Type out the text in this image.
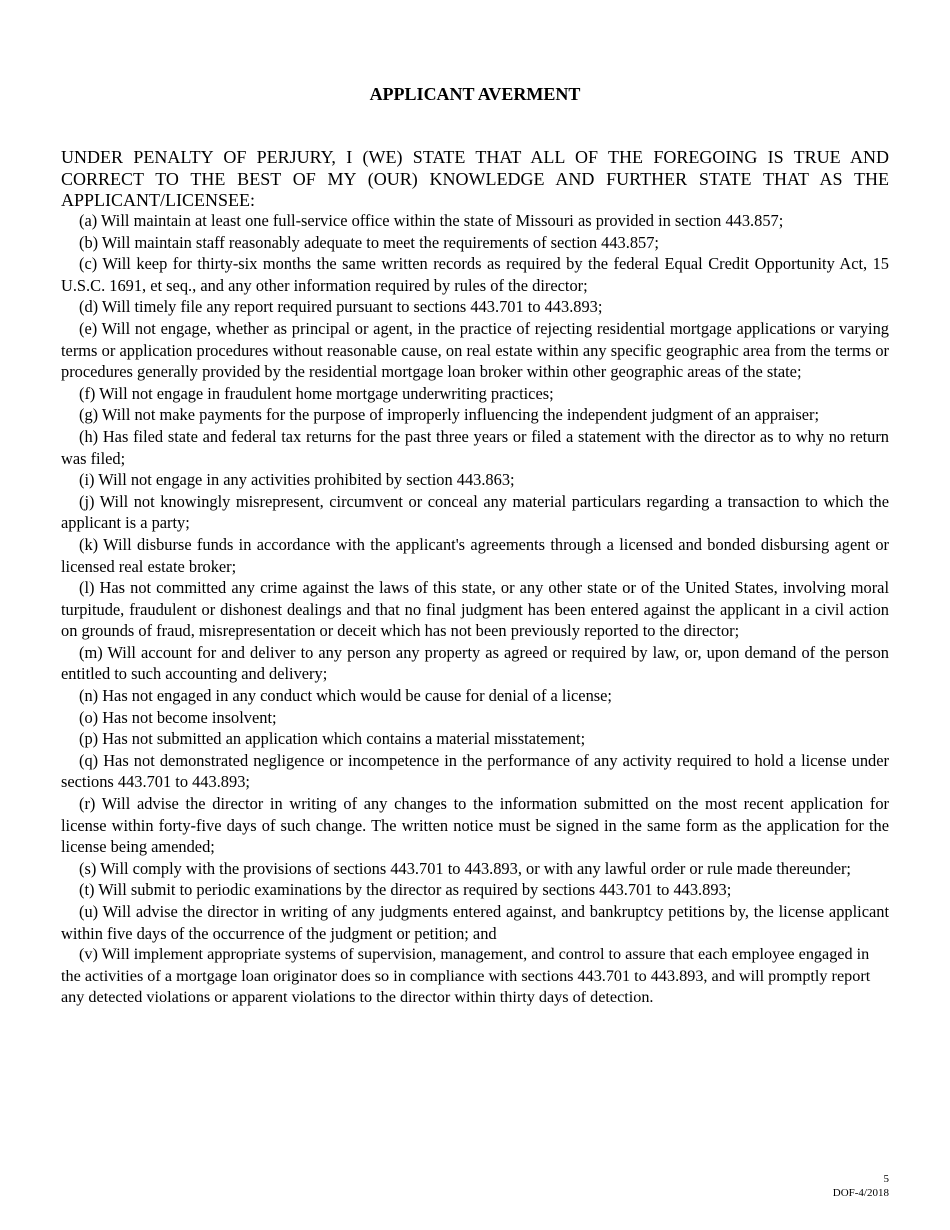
APPLICANT AVERMENT

UNDER PENALTY OF PERJURY, I (WE) STATE THAT ALL OF THE FOREGOING IS TRUE AND CORRECT TO THE BEST OF MY (OUR) KNOWLEDGE AND FURTHER STATE THAT AS THE APPLICANT/LICENSEE:

(a) Will maintain at least one full-service office within the state of Missouri as provided in section 443.857;
(b) Will maintain staff reasonably adequate to meet the requirements of section 443.857;
(c) Will keep for thirty-six months the same written records as required by the federal Equal Credit Opportunity Act, 15 U.S.C. 1691, et seq., and any other information required by rules of the director;
(d) Will timely file any report required pursuant to sections 443.701 to 443.893;
(e) Will not engage, whether as principal or agent, in the practice of rejecting residential mortgage applications or varying terms or application procedures without reasonable cause, on real estate within any specific geographic area from the terms or procedures generally provided by the residential mortgage loan broker within other geographic areas of the state;
(f) Will not engage in fraudulent home mortgage underwriting practices;
(g) Will not make payments for the purpose of improperly influencing the independent judgment of an appraiser;
(h) Has filed state and federal tax returns for the past three years or filed a statement with the director as to why no return was filed;
(i) Will not engage in any activities prohibited by section 443.863;
(j) Will not knowingly misrepresent, circumvent or conceal any material particulars regarding a transaction to which the applicant is a party;
(k) Will disburse funds in accordance with the applicant's agreements through a licensed and bonded disbursing agent or licensed real estate broker;
(l) Has not committed any crime against the laws of this state, or any other state or of the United States, involving moral turpitude, fraudulent or dishonest dealings and that no final judgment has been entered against the applicant in a civil action on grounds of fraud, misrepresentation or deceit which has not been previously reported to the director;
(m) Will account for and deliver to any person any property as agreed or required by law, or, upon demand of the person entitled to such accounting and delivery;
(n) Has not engaged in any conduct which would be cause for denial of a license;
(o) Has not become insolvent;
(p) Has not submitted an application which contains a material misstatement;
(q) Has not demonstrated negligence or incompetence in the performance of any activity required to hold a license under sections 443.701 to 443.893;
(r) Will advise the director in writing of any changes to the information submitted on the most recent application for license within forty-five days of such change. The written notice must be signed in the same form as the application for the license being amended;
(s) Will comply with the provisions of sections 443.701 to 443.893, or with any lawful order or rule made thereunder;
(t) Will submit to periodic examinations by the director as required by sections 443.701 to 443.893;
(u) Will advise the director in writing of any judgments entered against, and bankruptcy petitions by, the license applicant within five days of the occurrence of the judgment or petition; and
(v) Will implement appropriate systems of supervision, management, and control to assure that each employee engaged in the activities of a mortgage loan originator does so in compliance with sections 443.701 to 443.893, and will promptly report any detected violations or apparent violations to the director within thirty days of detection.
5
DOF-4/2018
